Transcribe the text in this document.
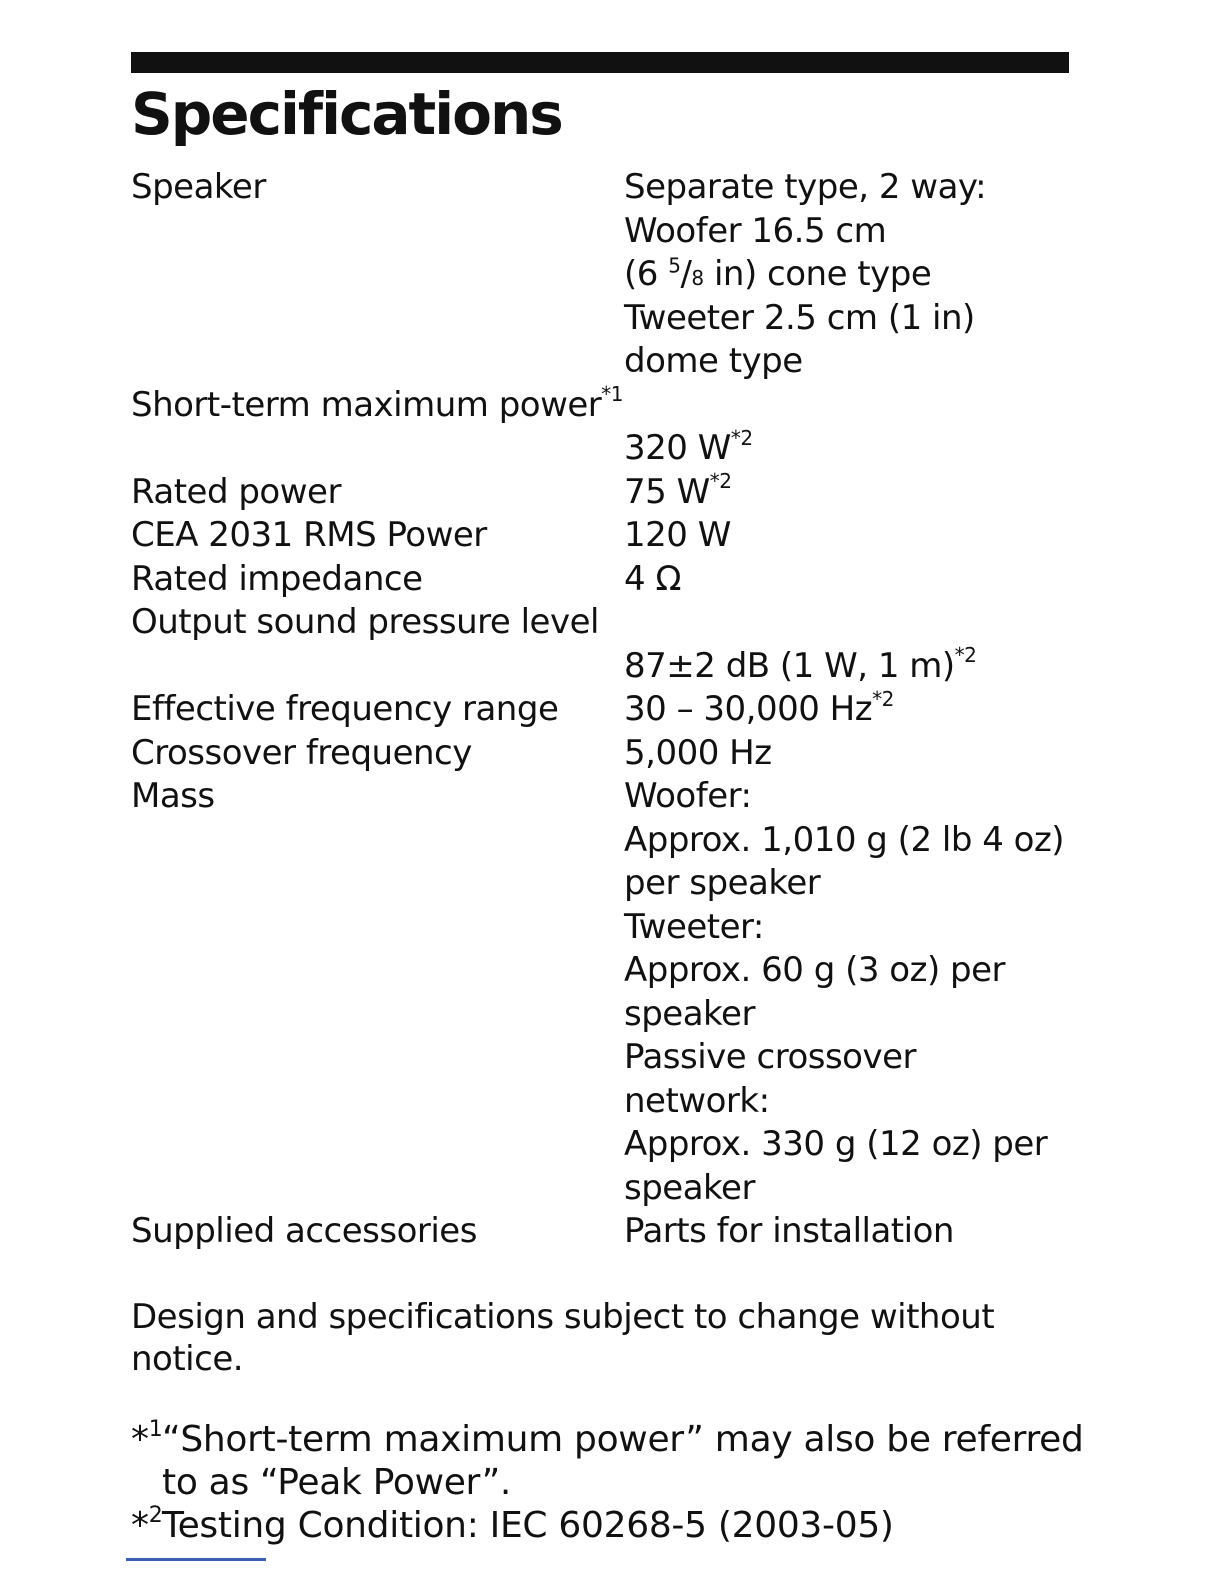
Specifications
Speaker	Separate type, 2 way:
Woofer 16.5 cm
(6 $^5$/8 in) cone type
Tweeter 2.5 cm (1 in)
dome type
Short-term maximum power$^{*1}$
320 $W^{*2}$
Rated power	75 $W^{*2}$
CEA 2031 RMS Power	120 W
Rated impedance	4 Ω
Output sound pressure level
87±2 dB (1 W, 1 m)$^{*2}$
Effective frequency range 30 – 30,000 Hz$^{*2}$
Crossover frequency	5,000 Hz
Mass	Woofer:
Approx. 1,010 g (2 lb 4 oz)
per speaker
Tweeter:
Approx. 60 g (3 oz) per
speaker
Passive crossover
network:
Approx. 330 g (12 oz) per
speaker
Supplied accessories	Parts for installation

Design and specifications subject to change without
notice.

*$^1$ “Short-term maximum power” may also be referred
to as “Peak Power”.
*$^2$ Testing Condition: IEC 60268-5 (2003-05)
